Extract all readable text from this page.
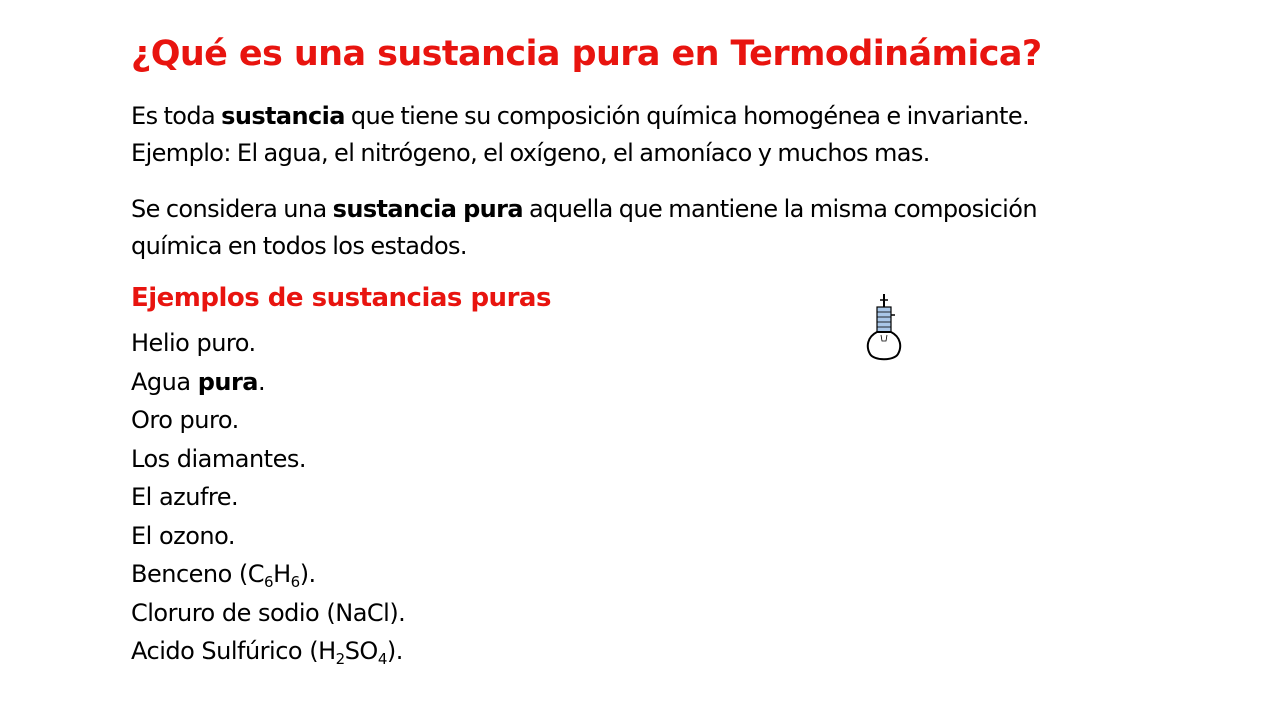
¿Qué es una sustancia pura en Termodinámica?

Es toda sustancia que tiene su composición química homogénea e invariante.
Ejemplo: El agua, el nitrógeno, el oxígeno, el amoníaco y muchos mas.

Se considera una sustancia pura aquella que mantiene la misma composición
química en todos los estados.

Ejemplos de sustancias puras
Helio puro.
Agua pura.
Oro puro.
Los diamantes.
El azufre.
El ozono.
Benceno $(C_6H_6)$.
Cloruro de sodio (NaCl).
Acido Sulfúrico $(H_2SO_4)$.
